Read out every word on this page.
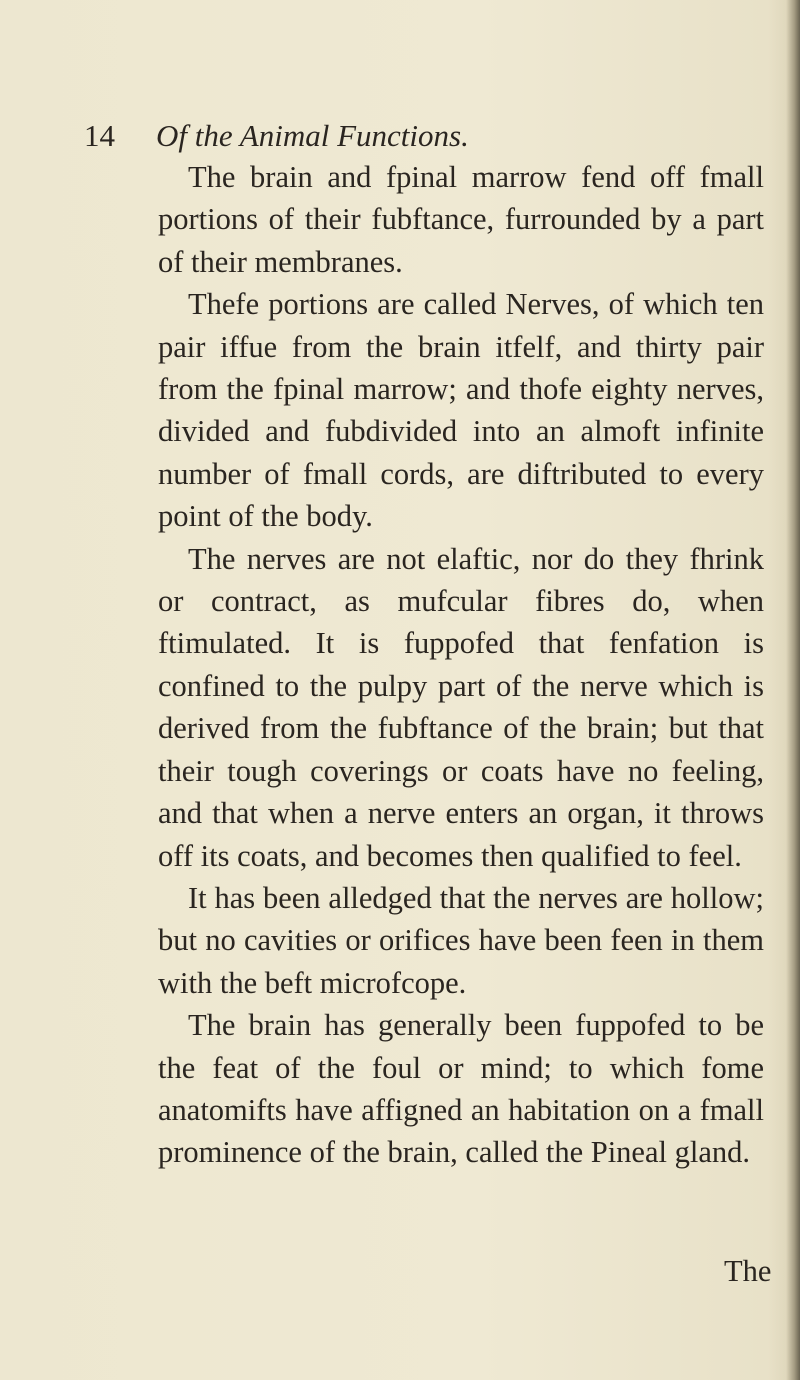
14 Of the Animal Functions.

The brain and fpinal marrow fend off fmall portions of their fubftance, furrounded by a part of their membranes.

Thefe portions are called Nerves, of which ten pair iffue from the brain itfelf, and thirty pair from the fpinal marrow; and thofe eighty nerves, divided and fubdivided into an almoft infinite number of fmall cords, are diftributed to every point of the body.

The nerves are not elaftic, nor do they fhrink or contract, as mufcular fibres do, when ftimulated. It is fuppofed that fenfation is confined to the pulpy part of the nerve which is derived from the fubftance of the brain; but that their tough coverings or coats have no feeling, and that when a nerve enters an organ, it throws off its coats, and becomes then qualified to feel.

It has been alledged that the nerves are hollow; but no cavities or orifices have been feen in them with the beft microfcope.

The brain has generally been fuppofed to be the feat of the foul or mind; to which fome anatomifts have affigned an habitation on a fmall prominence of the brain, called the Pineal gland.

The
